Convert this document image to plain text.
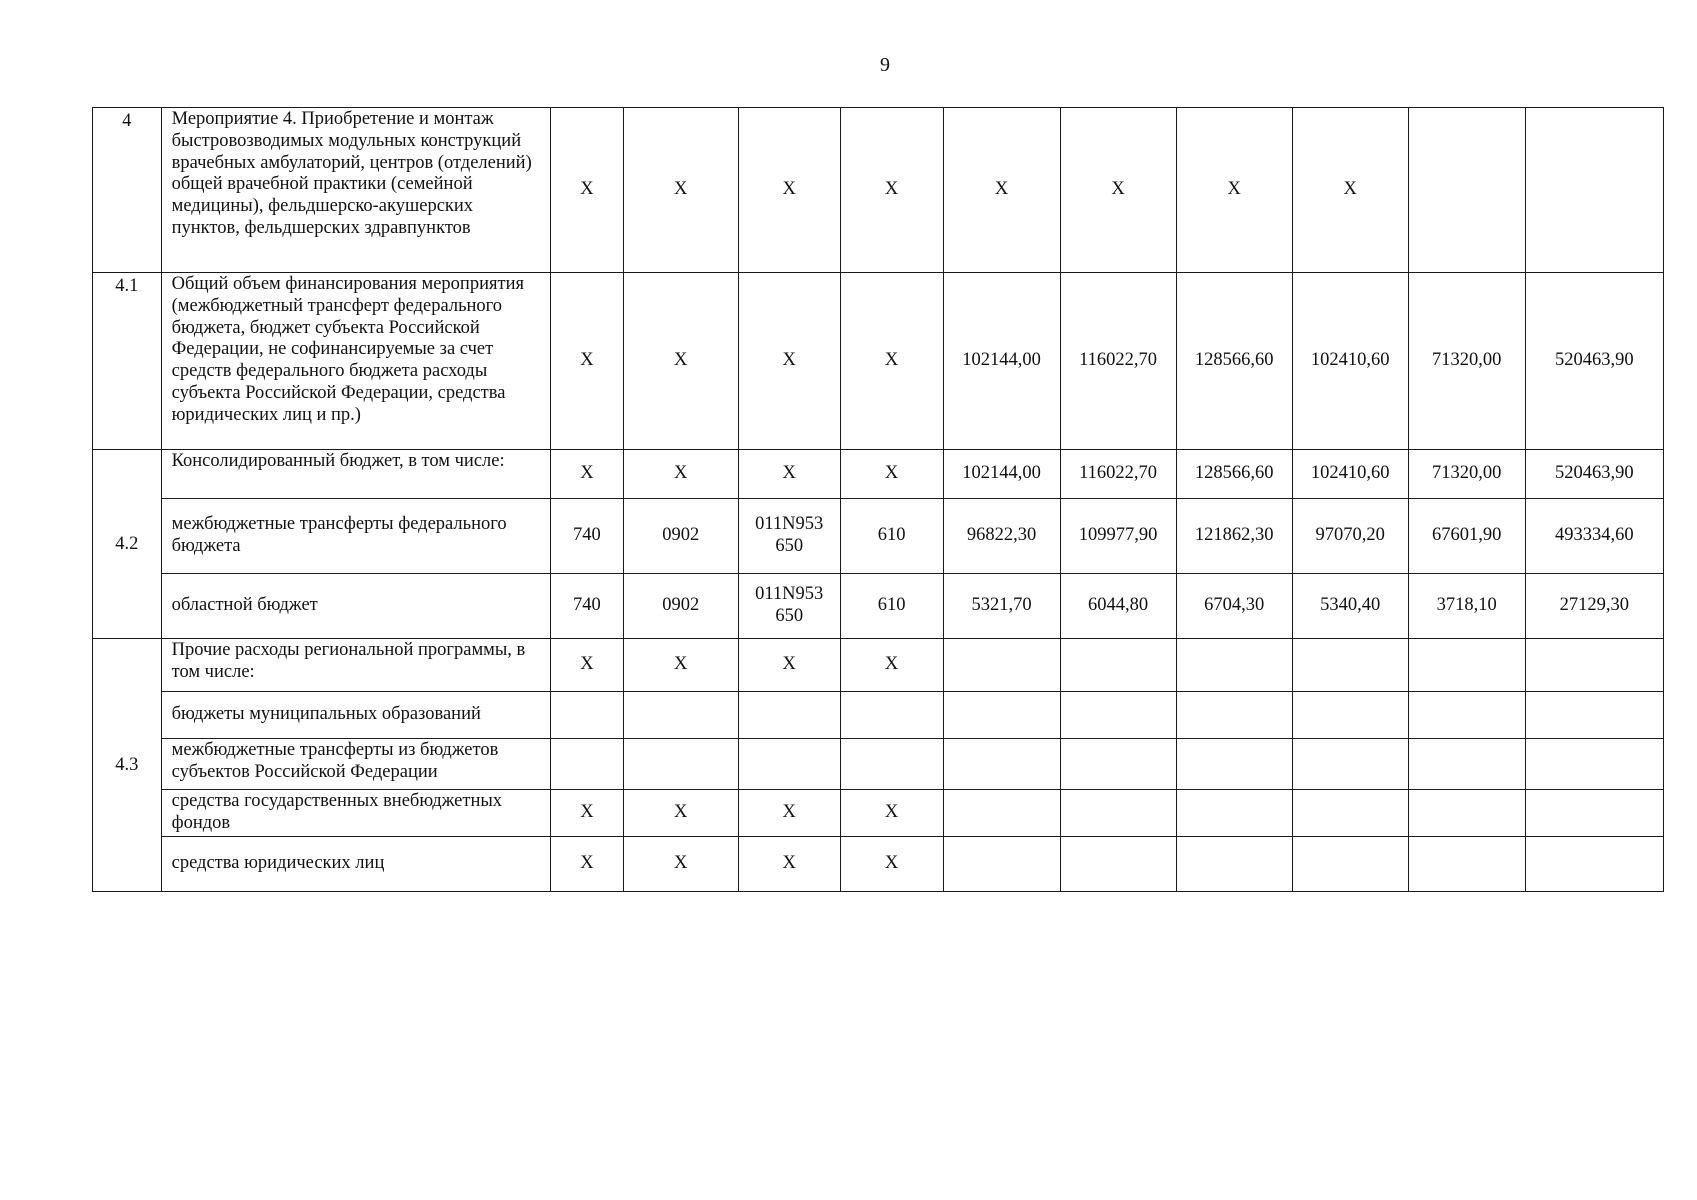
9
4	Мероприятие 4. Приобретение и монтаж быстровозводимых модульных конструкций врачебных амбулаторий, центров (отделений) общей врачебной практики (семейной медицины), фельдшерско-акушерских пунктов, фельдшерских здравпунктов	X	X	X	X	X	X	X	X		
4.1	Общий объем финансирования мероприятия (межбюджетный трансферт федерального бюджета, бюджет субъекта Российской Федерации, не софинансируемые за счет средств федерального бюджета расходы субъекта Российской Федерации, средства юридических лиц и пр.)	X	X	X	X	102144,00	116022,70	128566,60	102410,60	71320,00	520463,90
4.2	Консолидированный бюджет, в том числе:	X	X	X	X	102144,00	116022,70	128566,60	102410,60	71320,00	520463,90
	межбюджетные трансферты федерального бюджета	740	0902	011N953 650	610	96822,30	109977,90	121862,30	97070,20	67601,90	493334,60
	областной бюджет	740	0902	011N953 650	610	5321,70	6044,80	6704,30	5340,40	3718,10	27129,30
4.3	Прочие расходы региональной программы, в том числе:	X	X	X	X						
	бюджеты муниципальных образований										
	межбюджетные трансферты из бюджетов субъектов Российской Федерации										
	средства государственных внебюджетных фондов	X	X	X	X						
	средства юридических лиц	X	X	X	X						
